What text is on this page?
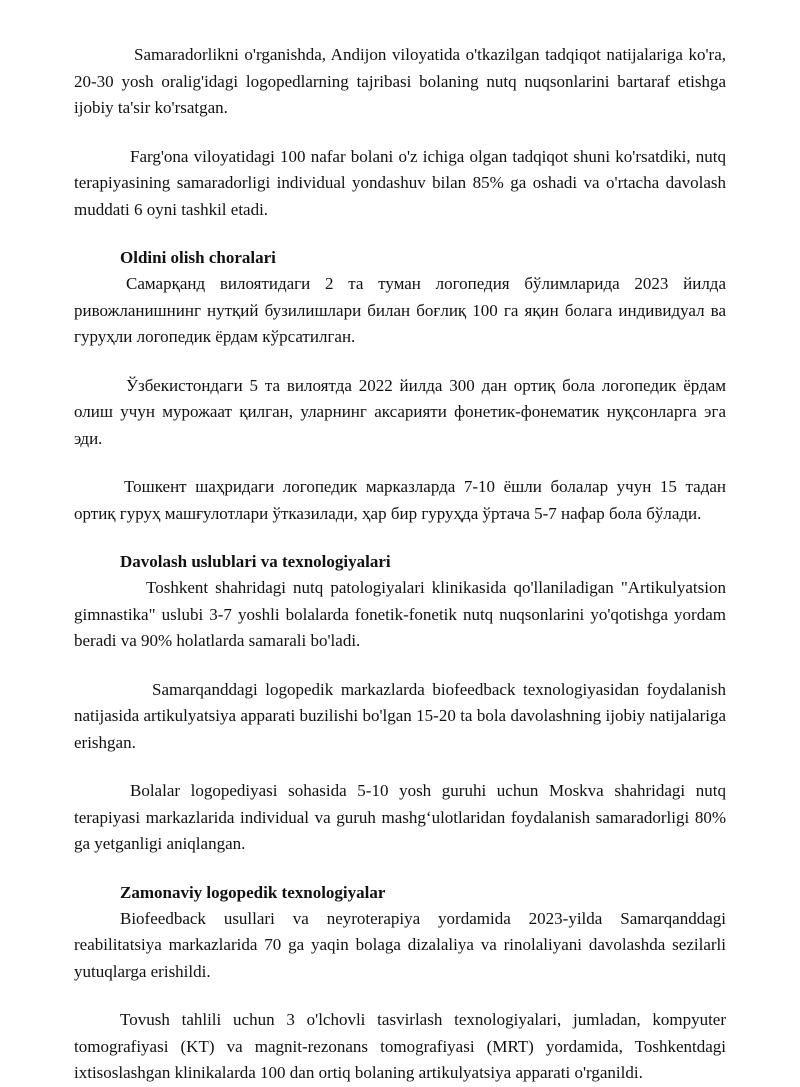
Samaradorlikni o'rganishda, Andijon viloyatida o'tkazilgan tadqiqot natijalariga ko'ra, 20-30 yosh oralig'idagi logopedlarning tajribasi bolaning nutq nuqsonlarini bartaraf etishga ijobiy ta'sir ko'rsatgan.

Farg'ona viloyatidagi 100 nafar bolani o'z ichiga olgan tadqiqot shuni ko'rsatdiki, nutq terapiyasining samaradorligi individual yondashuv bilan 85% ga oshadi va o'rtacha davolash muddati 6 oyni tashkil etadi.

Oldini olish choralari

Самарқанд вилоятидаги 2 та туман логопедия бўлимларида 2023 йилда ривожланишнинг нутқий бузилишлари билан боғлиқ 100 га яқин болага индивидуал ва гуруҳли логопедик ёрдам кўрсатилган.

Ўзбекистондаги 5 та вилоятда 2022 йилда 300 дан ортиқ бола логопедик ёрдам олиш учун мурожаат қилган, уларнинг аксарияти фонетик-фонематик нуқсонларга эга эди.

Тошкент шаҳридаги логопедик марказларда 7-10 ёшли болалар учун 15 тадан ортиқ гуруҳ машғулотлари ўтказилади, ҳар бир гуруҳда ўртача 5-7 нафар бола бўлади.

Davolash uslublari va texnologiyalari

Toshkent shahridagi nutq patologiyalari klinikasida qo'llaniladigan "Artikulyatsion gimnastika" uslubi 3-7 yoshli bolalarda fonetik-fonetik nutq nuqsonlarini yo'qotishga yordam beradi va 90% holatlarda samarali bo'ladi.

Samarqanddagi logopedik markazlarda biofeedback texnologiyasidan foydalanish natijasida artikulyatsiya apparati buzilishi bo'lgan 15-20 ta bola davolashning ijobiy natijalariga erishgan.

Bolalar logopediyasi sohasida 5-10 yosh guruhi uchun Moskva shahridagi nutq terapiyasi markazlarida individual va guruh mashg‘ulotlaridan foydalanish samaradorligi 80% ga yetganligi aniqlangan.

Zamonaviy logopedik texnologiyalar

Biofeedback usullari va neyroterapiya yordamida 2023-yilda Samarqanddagi reabilitatsiya markazlarida 70 ga yaqin bolaga dizalaliya va rinolaliyani davolashda sezilarli yutuqlarga erishildi.

Tovush tahlili uchun 3 o'lchovli tasvirlash texnologiyalari, jumladan, kompyuter tomografiyasi (KT) va magnit-rezonans tomografiyasi (MRT) yordamida, Toshkentdagi ixtisoslashgan klinikalarda 100 dan ortiq bolaning artikulyatsiya apparati o'rganildi.
